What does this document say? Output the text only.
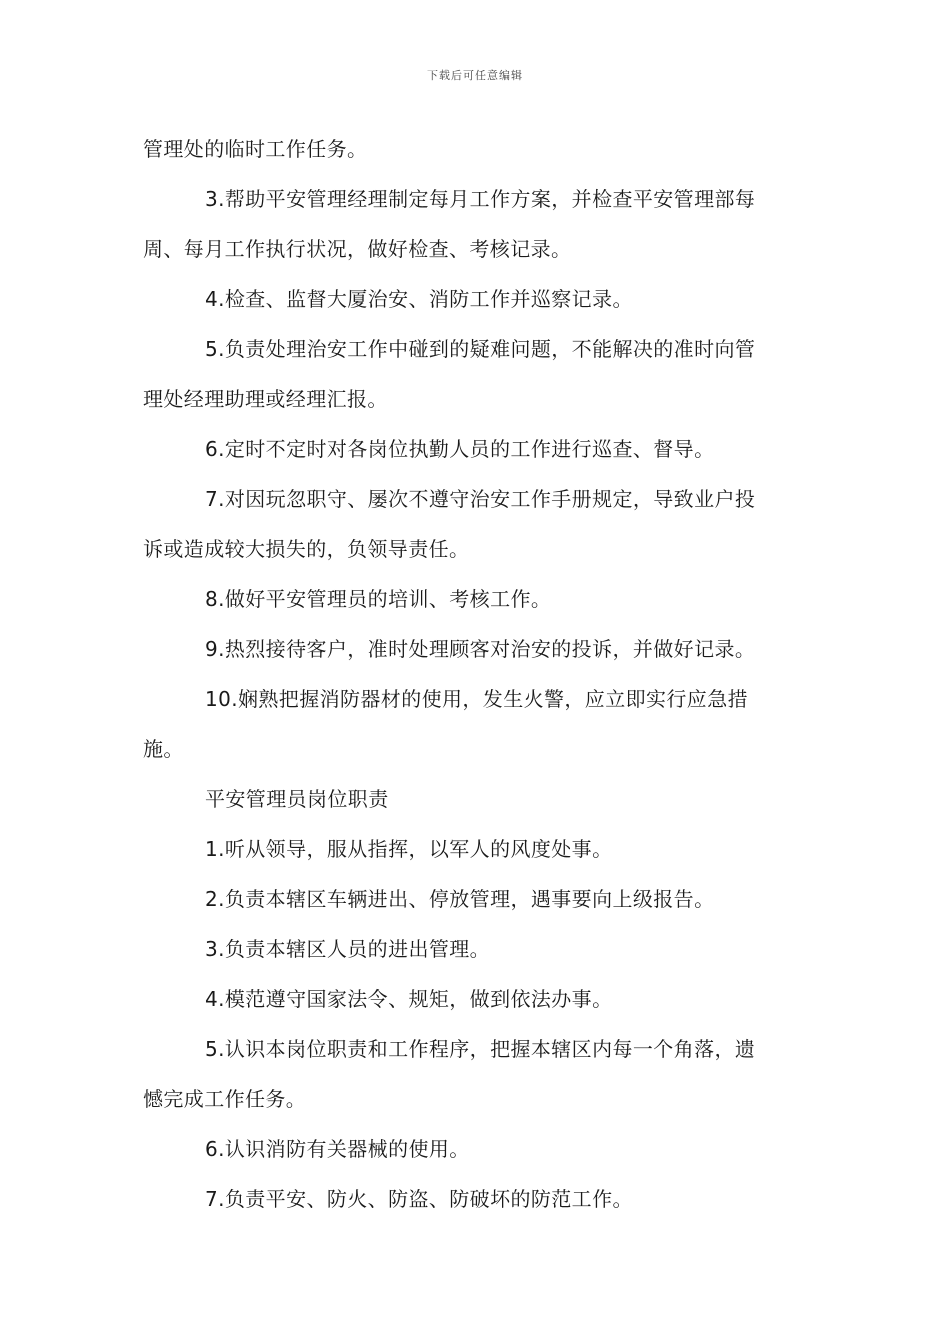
下载后可任意编辑
管理处的临时工作任务。
3.帮助平安管理经理制定每月工作方案，并检查平安管理部每
周、每月工作执行状况，做好检查、考核记录。
4.检查、监督大厦治安、消防工作并巡察记录。
5.负责处理治安工作中碰到的疑难问题，不能解决的准时向管
理处经理助理或经理汇报。
6.定时不定时对各岗位执勤人员的工作进行巡查、督导。
7.对因玩忽职守、屡次不遵守治安工作手册规定，导致业户投
诉或造成较大损失的，负领导责任。
8.做好平安管理员的培训、考核工作。
9.热烈接待客户，准时处理顾客对治安的投诉，并做好记录。
10.娴熟把握消防器材的使用，发生火警，应立即实行应急措
施。
平安管理员岗位职责
1.听从领导，服从指挥，以军人的风度处事。
2.负责本辖区车辆进出、停放管理，遇事要向上级报告。
3.负责本辖区人员的进出管理。
4.模范遵守国家法令、规矩，做到依法办事。
5.认识本岗位职责和工作程序，把握本辖区内每一个角落，遗
憾完成工作任务。
6.认识消防有关器械的使用。
7.负责平安、防火、防盗、防破坏的防范工作。
